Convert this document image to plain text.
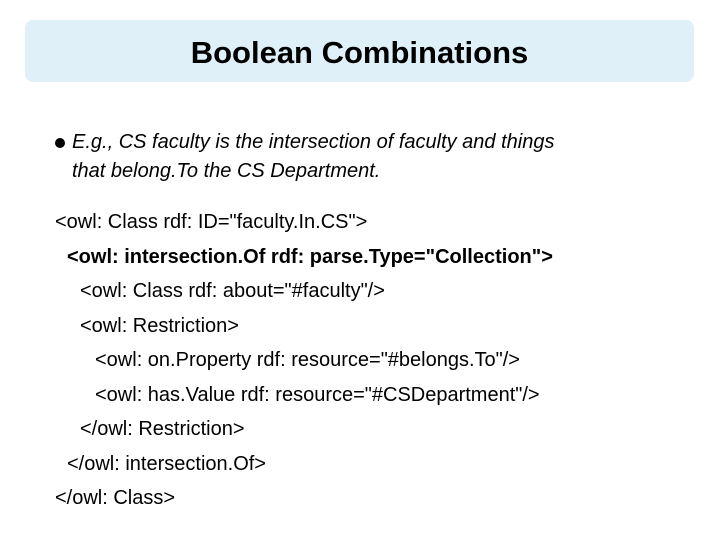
Boolean Combinations
E.g., CS faculty is the intersection of faculty and things
that belong.To the CS Department.
<owl: Class rdf: ID="faculty.In.CS">
<owl: intersection.Of rdf: parse.Type="Collection">
<owl: Class rdf: about="#faculty"/>
<owl: Restriction>
<owl: on.Property rdf: resource="#belongs.To"/>
<owl: has.Value rdf: resource="#CSDepartment"/>
</owl: Restriction>
</owl: intersection.Of>
</owl: Class>
